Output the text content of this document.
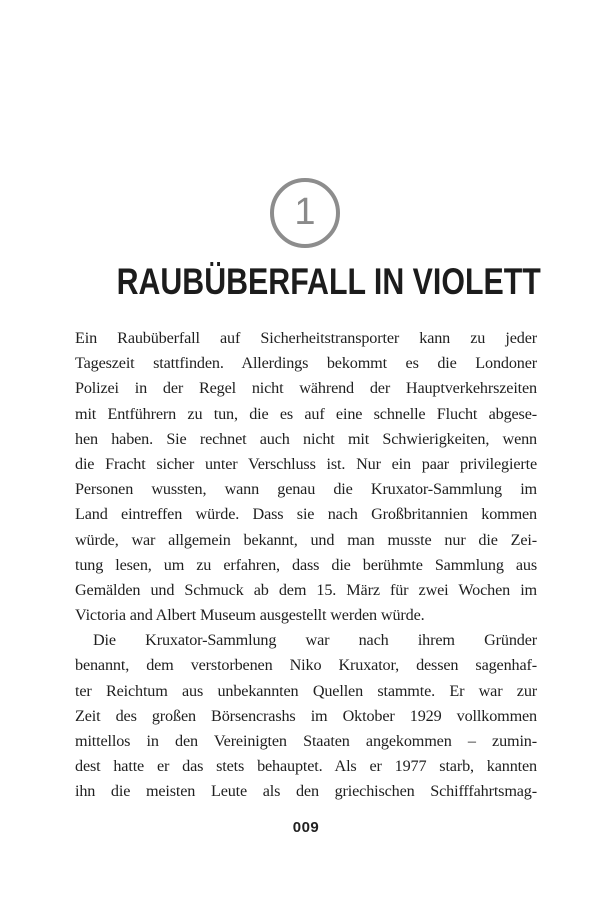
1
RAUBÜBERFALL IN VIOLETT
Ein Raubüberfall auf Sicherheitstransporter kann zu jeder
Tageszeit stattfinden. Allerdings bekommt es die Londoner
Polizei in der Regel nicht während der Hauptverkehrszeiten
mit Entführern zu tun, die es auf eine schnelle Flucht abgese-
hen haben. Sie rechnet auch nicht mit Schwierigkeiten, wenn
die Fracht sicher unter Verschluss ist. Nur ein paar privilegierte
Personen wussten, wann genau die Kruxator-Sammlung im
Land eintreffen würde. Dass sie nach Großbritannien kommen
würde, war allgemein bekannt, und man musste nur die Zei-
tung lesen, um zu erfahren, dass die berühmte Sammlung aus
Gemälden und Schmuck ab dem 15. März für zwei Wochen im
Victoria and Albert Museum ausgestellt werden würde.
Die Kruxator-Sammlung war nach ihrem Gründer
benannt, dem verstorbenen Niko Kruxator, dessen sagenhaf-
ter Reichtum aus unbekannten Quellen stammte. Er war zur
Zeit des großen Börsencrashs im Oktober 1929 vollkommen
mittellos in den Vereinigten Staaten angekommen – zumin-
dest hatte er das stets behauptet. Als er 1977 starb, kannten
ihn die meisten Leute als den griechischen Schifffahrtsmag-
009
